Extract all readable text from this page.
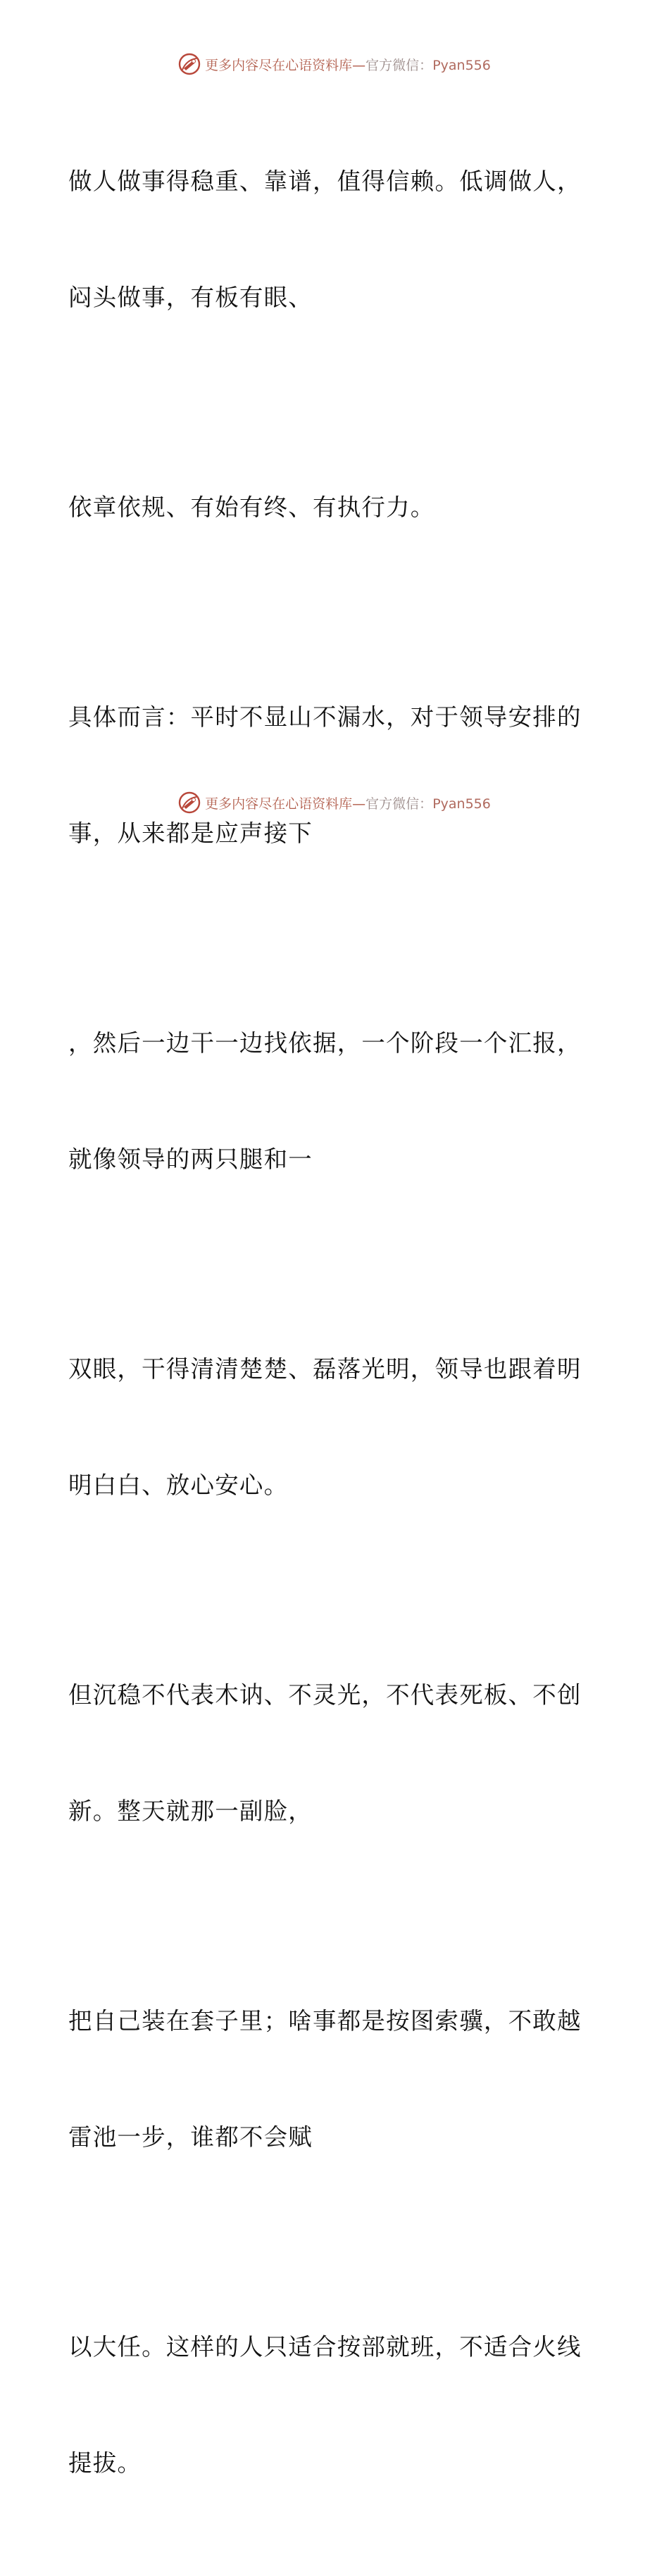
更多内容尽在心语资料库—官方微信：Pyan556

做人做事得稳重、靠谱，值得信赖。低调做人，

闷头做事，有板有眼、

依章依规、有始有终、有执行力。

具体而言：平时不显山不漏水，对于领导安排的

事，从来都是应声接下

，然后一边干一边找依据，一个阶段一个汇报，

就像领导的两只腿和一

双眼，干得清清楚楚、磊落光明，领导也跟着明

明白白、放心安心。

但沉稳不代表木讷、不灵光，不代表死板、不创

新。整天就那一副脸，

把自己装在套子里；啥事都是按图索骥，不敢越

雷池一步，谁都不会赋

以大任。这样的人只适合按部就班，不适合火线

提拔。

更多内容尽在心语资料库—官方微信：Pyan556
